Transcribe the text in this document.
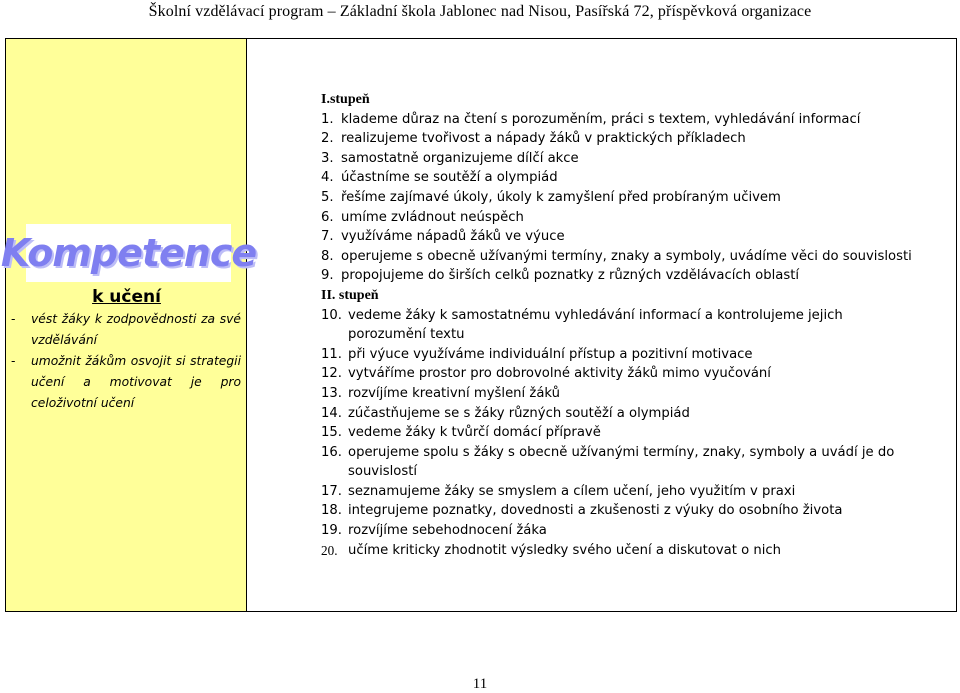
Školní vzdělávací program – Základní škola Jablonec nad Nisou, Pasířská 72, příspěvková organizace
Kompetence
k učení
- vést žáky k zodpovědnosti za své vzdělávání
- umožnit žákům osvojit si strategii učení a motivovat je pro celoživotní učení
I.stupeň
1. klademe důraz na čtení s porozuměním, práci s textem, vyhledávání informací
2. realizujeme tvořivost a nápady žáků v praktických příkladech
3. samostatně organizujeme dílčí akce
4. účastníme se soutěží a olympiád
5. řešíme zajímavé úkoly, úkoly k zamyšlení před probíraným učivem
6. umíme zvládnout neúspěch
7. využíváme nápadů žáků ve výuce
8. operujeme s obecně užívanými termíny, znaky a symboly, uvádíme věci do souvislosti
9. propojujeme do širších celků poznatky z různých vzdělávacích oblastí
II. stupeň
10. vedeme žáky k samostatnému vyhledávání informací a kontrolujeme jejich porozumění textu
11. při výuce využíváme individuální přístup a pozitivní motivace
12. vytváříme prostor pro dobrovolné aktivity žáků mimo vyučování
13. rozvíjíme kreativní myšlení žáků
14. zúčastňujeme se s žáky různých soutěží a olympiád
15. vedeme žáky k tvůrčí domácí přípravě
16. operujeme spolu s žáky s obecně užívanými termíny, znaky, symboly a uvádí je do souvislostí
17. seznamujeme žáky se smyslem a cílem učení, jeho využitím v praxi
18. integrujeme poznatky, dovednosti a zkušenosti z výuky do osobního života
19. rozvíjíme sebehodnocení žáka
20. učíme kriticky zhodnotit výsledky svého učení a diskutovat o nich
11
